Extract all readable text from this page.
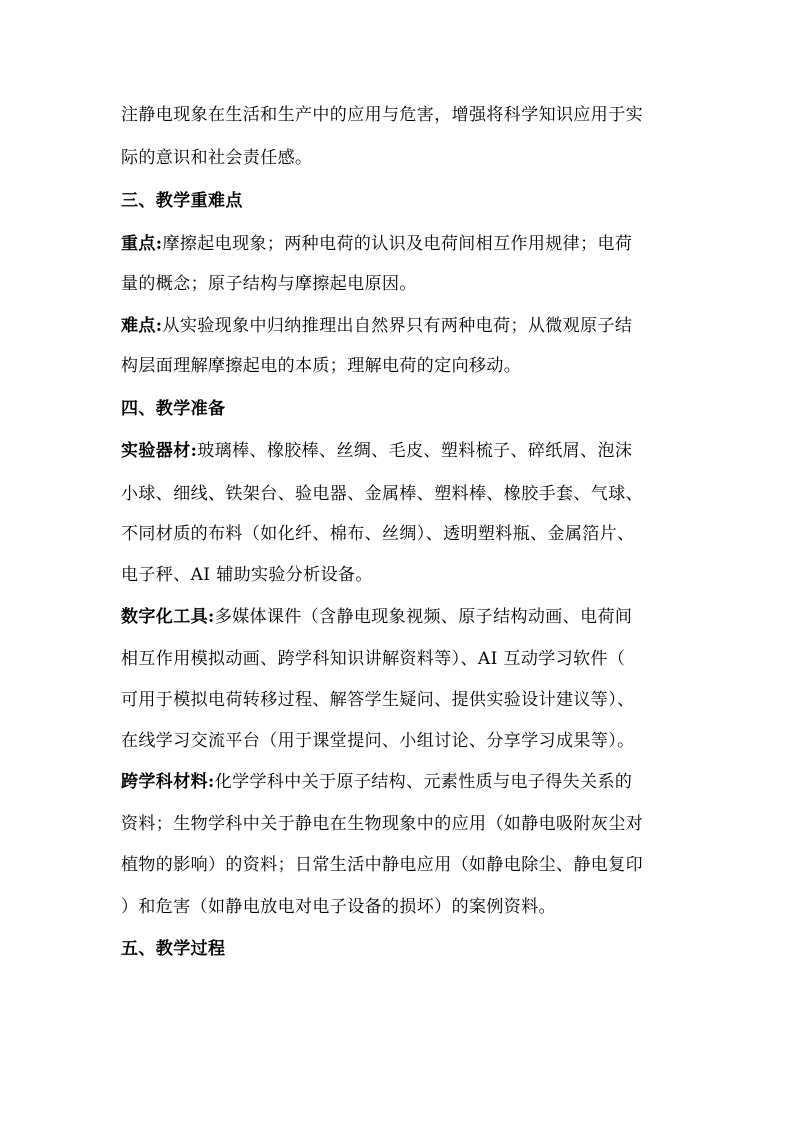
注静电现象在生活和生产中的应用与危害，增强将科学知识应用于实
际的意识和社会责任感。
三、教学重难点
重点:摩擦起电现象；两种电荷的认识及电荷间相互作用规律；电荷
量的概念；原子结构与摩擦起电原因。
难点:从实验现象中归纳推理出自然界只有两种电荷；从微观原子结
构层面理解摩擦起电的本质；理解电荷的定向移动。
四、教学准备
实验器材:玻璃棒、橡胶棒、丝绸、毛皮、塑料梳子、碎纸屑、泡沫
小球、细线、铁架台、验电器、金属棒、塑料棒、橡胶手套、气球、
不同材质的布料（如化纤、棉布、丝绸）、透明塑料瓶、金属箔片、
电子秤、AI 辅助实验分析设备。
数字化工具:多媒体课件（含静电现象视频、原子结构动画、电荷间
相互作用模拟动画、跨学科知识讲解资料等）、AI 互动学习软件（
可用于模拟电荷转移过程、解答学生疑问、提供实验设计建议等）、
在线学习交流平台（用于课堂提问、小组讨论、分享学习成果等）。
跨学科材料:化学学科中关于原子结构、元素性质与电子得失关系的
资料；生物学科中关于静电在生物现象中的应用（如静电吸附灰尘对
植物的影响）的资料；日常生活中静电应用（如静电除尘、静电复印
）和危害（如静电放电对电子设备的损坏）的案例资料。
五、教学过程
